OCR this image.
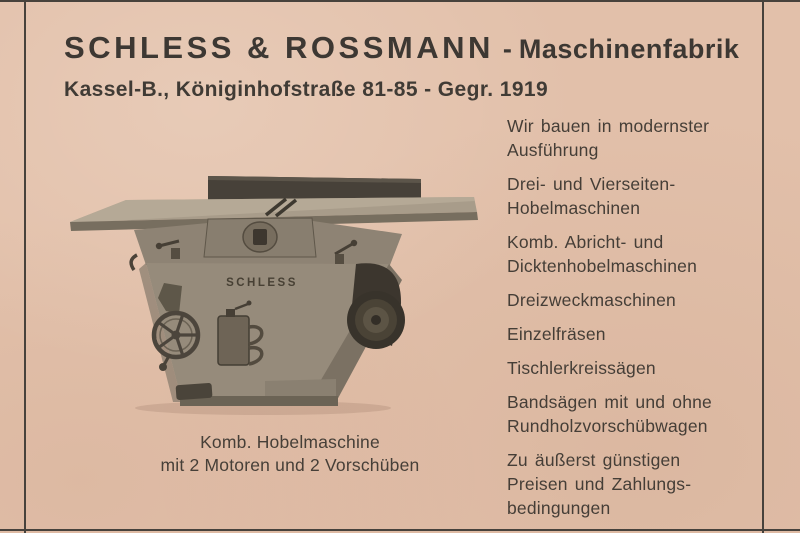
SCHLESS & ROSSMANN - Maschinenfabrik
Kassel-B., Königinhofstraße 81-85 - Gegr. 1919
SCHLESS
Komb. Hobelmaschine
mit 2 Motoren und 2 Vorschüben
Wir bauen in modernster
Ausführung
Drei- und Vierseiten-
Hobelmaschinen
Komb. Abricht- und
Dicktenhobelmaschinen
Dreizweckmaschinen
Einzelfräsen
Tischlerkreissägen
Bandsägen mit und ohne
Rundholzvorschübwagen
Zu äußerst günstigen
Preisen und Zahlungs-
bedingungen
